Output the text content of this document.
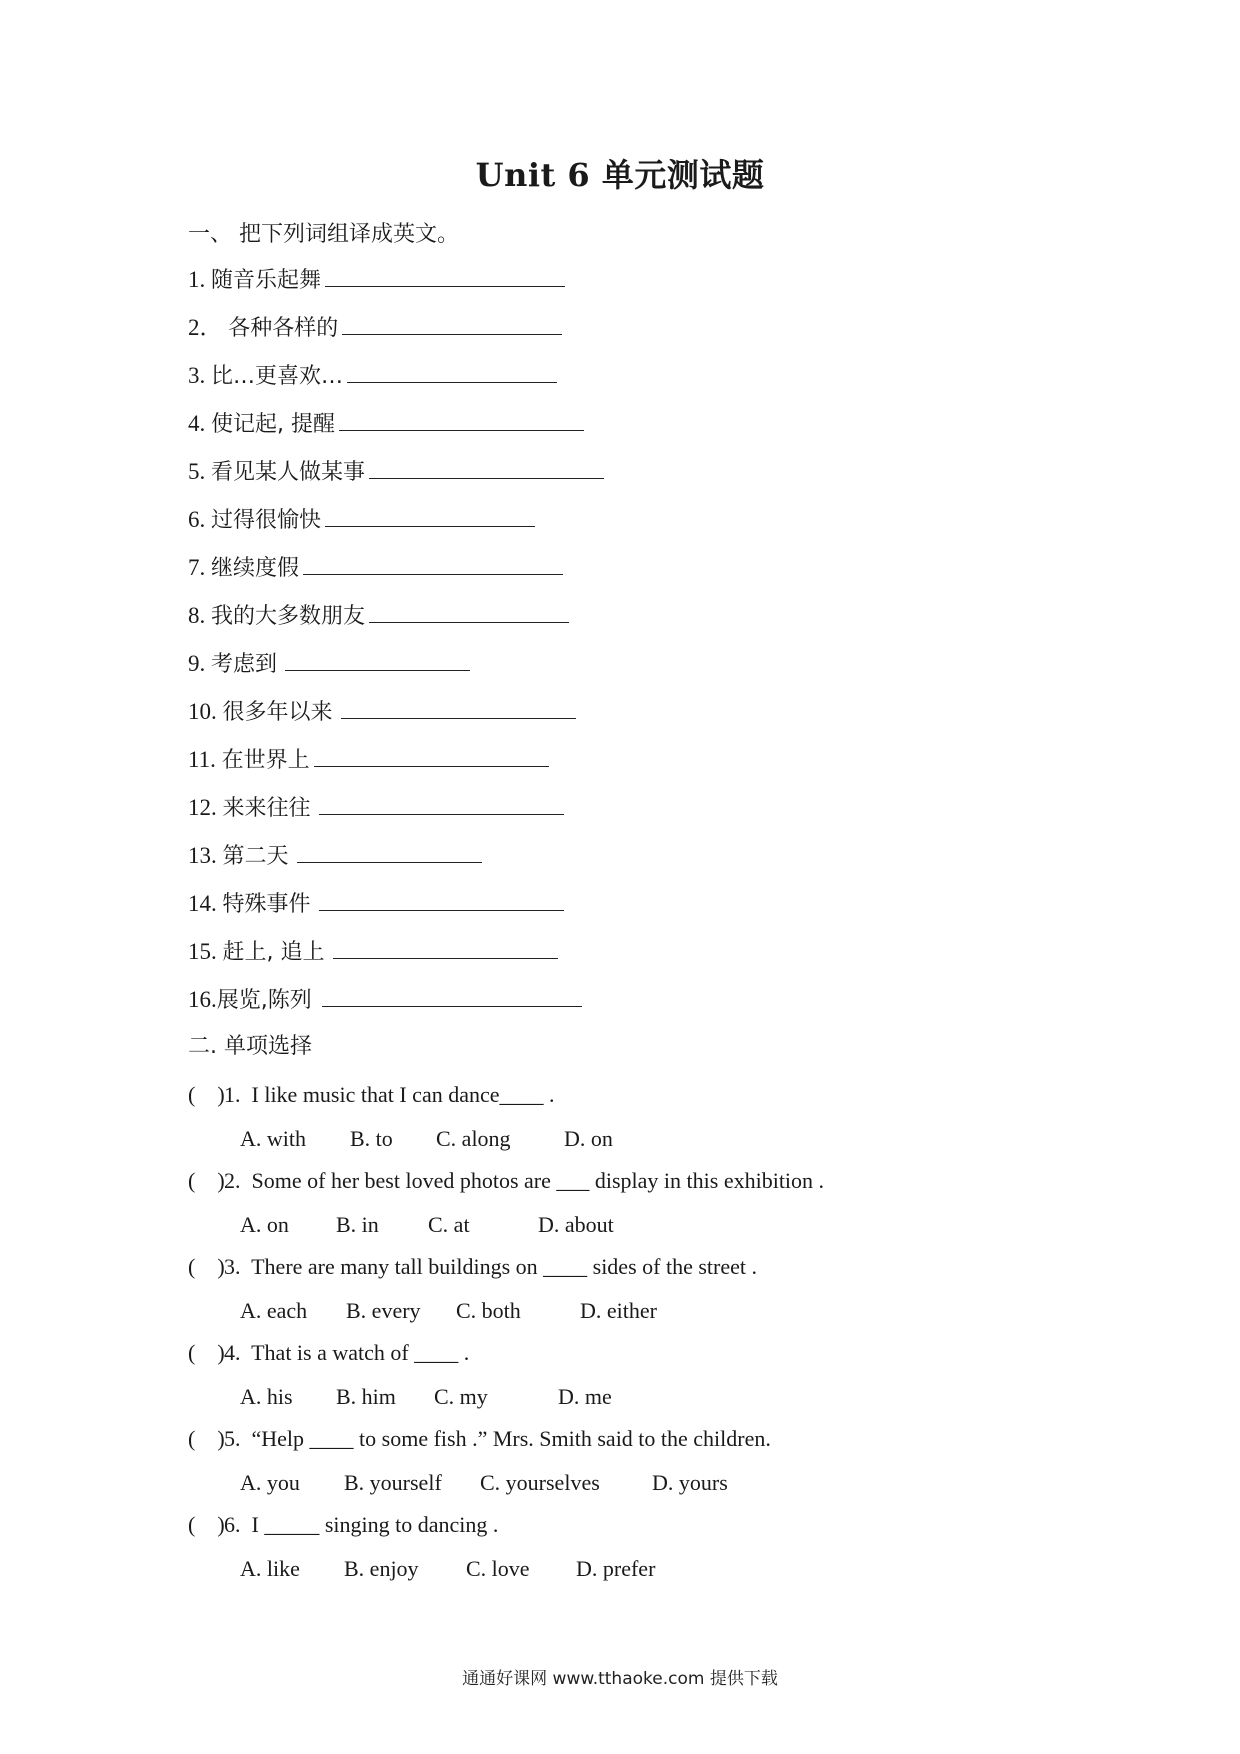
Unit 6 单元测试题
一、 把下列词组译成英文。
1. 随音乐起舞
2． 各种各样的
3. 比…更喜欢…
4. 使记起, 提醒
5. 看见某人做某事
6. 过得很愉快
7. 继续度假
8. 我的大多数朋友
9. 考虑到
10. 很多年以来
11. 在世界上
12. 来来往往
13. 第二天
14. 特殊事件
15. 赶上, 追上
16.展览,陈列
二. 单项选择
(    )1. I like music that I can dance____ .
A. with B. to C. along D. on
(    )2. Some of her best loved photos are ___ display in this exhibition .
A. on B. in C. at	D. about
(    )3. There are many tall buildings on ____ sides of the street .
A. each B. every C. both	D. either
(    )4. That is a watch of ____ .
A. his B. him C. my	D. me
(    )5. “Help ____ to some fish .” Mrs. Smith said to the children.
A. you B. yourself C. yourselves D. yours
(    )6. I _____ singing to dancing .
A. like B. enjoy C. love D. prefer
通通好课网 www.tthaoke.com 提供下载
